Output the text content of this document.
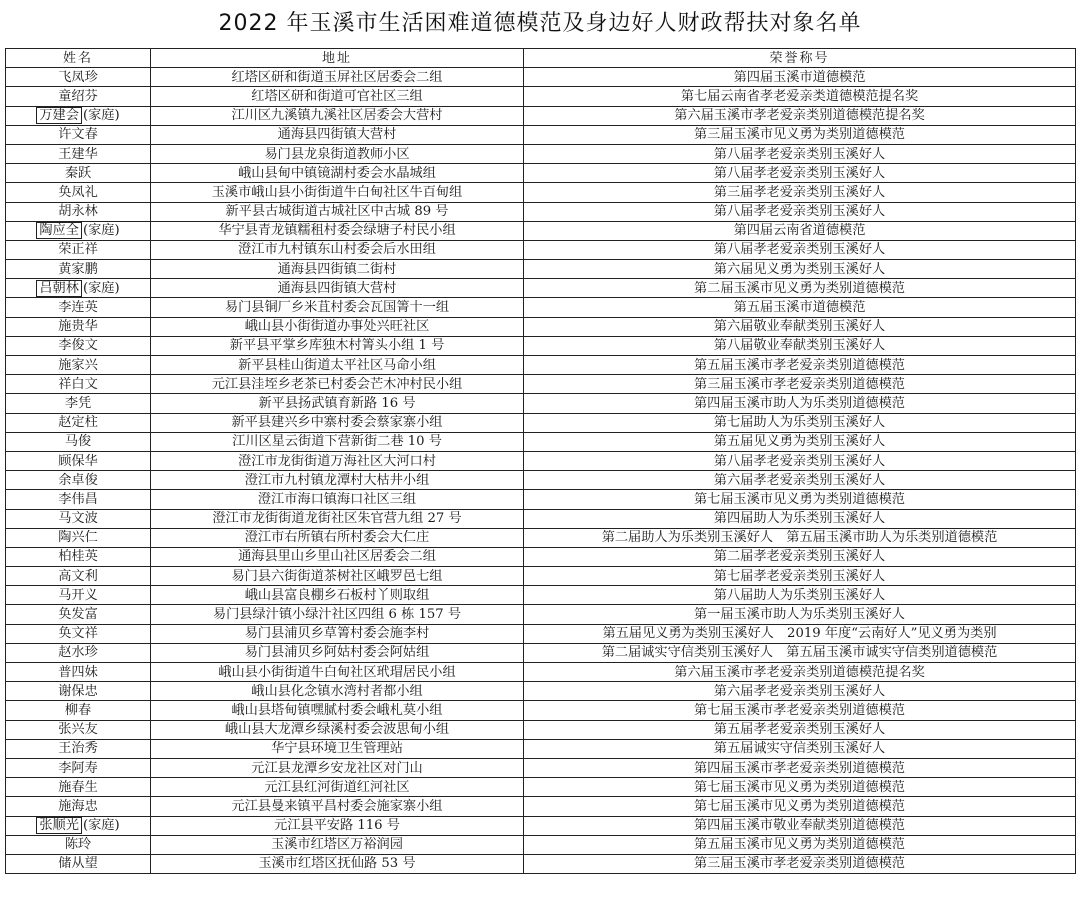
2022 年玉溪市生活困难道德模范及身边好人财政帮扶对象名单
姓名	地址	荣誉称号
飞凤珍	红塔区研和街道玉屏社区居委会二组	第四届玉溪市道德模范
童绍芬	红塔区研和街道可官社区三组	第七届云南省孝老爱亲类道德模范提名奖
万建会 (家庭)	江川区九溪镇九溪社区居委会大营村	第六届玉溪市孝老爱亲类别道德模范提名奖
许文春	通海县四街镇大营村	第三届玉溪市见义勇为类别道德模范
王建华	易门县龙泉街道教师小区	第八届孝老爱亲类别玉溪好人
秦跃	峨山县甸中镇镜湖村委会水晶城组	第八届孝老爱亲类别玉溪好人
奂凤礼	玉溪市峨山县小街街道牛白甸社区牛百甸组	第三届孝老爱亲类别玉溪好人
胡永林	新平县古城街道古城社区中古城 89 号	第八届孝老爱亲类别玉溪好人
陶应全 (家庭)	华宁县青龙镇糯租村委会绿塘子村民小组	第四届云南省道德模范
荣正祥	澄江市九村镇东山村委会后水田组	第八届孝老爱亲类别玉溪好人
黄家鹏	通海县四街镇二街村	第六届见义勇为类别玉溪好人
吕朝林 (家庭)	通海县四街镇大营村	第二届玉溪市见义勇为类别道德模范
李连英	易门县铜厂乡米苴村委会瓦国箐十一组	第五届玉溪市道德模范
施贵华	峨山县小街街道办事处兴旺社区	第六届敬业奉献类别玉溪好人
李俊文	新平县平掌乡库独木村箐头小组 1 号	第八届敬业奉献类别玉溪好人
施家兴	新平县桂山街道太平社区马命小组	第五届玉溪市孝老爱亲类别道德模范
祥白文	元江县洼垤乡老茶已村委会芒木冲村民小组	第三届玉溪市孝老爱亲类别道德模范
李凭	新平县扬武镇育新路 16 号	第四届玉溪市助人为乐类别道德模范
赵定柱	新平县建兴乡中寨村委会蔡家寨小组	第七届助人为乐类别玉溪好人
马俊	江川区星云街道下营新街二巷 10 号	第五届见义勇为类别玉溪好人
顾保华	澄江市龙街街道万海社区大河口村	第八届孝老爱亲类别玉溪好人
余卓俊	澄江市九村镇龙潭村大枯井小组	第六届孝老爱亲类别玉溪好人
李伟昌	澄江市海口镇海口社区三组	第七届玉溪市见义勇为类别道德模范
马文波	澄江市龙街街道龙街社区朱官营九组 27 号	第四届助人为乐类别玉溪好人
陶兴仁	澄江市右所镇右所村委会大仁庄	第二届助人为乐类别玉溪好人　第五届玉溪市助人为乐类别道德模范
柏桂英	通海县里山乡里山社区居委会二组	第二届孝老爱亲类别玉溪好人
高文利	易门县六街街道茶树社区峨罗邑七组	第七届孝老爱亲类别玉溪好人
马开义	峨山县富良棚乡石板村丫则取组	第八届助人为乐类别玉溪好人
奂发富	易门县绿汁镇小绿汁社区四组 6 栋 157 号	第一届玉溪市助人为乐类别玉溪好人
奂文祥	易门县浦贝乡草箐村委会施李村	第五届见义勇为类别玉溪好人　2019 年度“云南好人”见义勇为类别
赵水珍	易门县浦贝乡阿姑村委会阿姑组	第二届诚实守信类别玉溪好人　第五届玉溪市诚实守信类别道德模范
普四妹	峨山县小街街道牛白甸社区玳瑁居民小组	第六届玉溪市孝老爱亲类别道德模范提名奖
谢保忠	峨山县化念镇水湾村者都小组	第六届孝老爱亲类别玉溪好人
柳春	峨山县塔甸镇嘿腻村委会峨札莫小组	第七届玉溪市孝老爱亲类别道德模范
张兴友	峨山县大龙潭乡绿溪村委会波思甸小组	第五届孝老爱亲类别玉溪好人
王治秀	华宁县环境卫生管理站	第五届诚实守信类别玉溪好人
李阿寿	元江县龙潭乡安龙社区对门山	第四届玉溪市孝老爱亲类别道德模范
施春生	元江县红河街道红河社区	第七届玉溪市见义勇为类别道德模范
施海忠	元江县曼来镇平昌村委会施家寨小组	第七届玉溪市见义勇为类别道德模范
张顺光 (家庭)	元江县平安路 116 号	第四届玉溪市敬业奉献类别道德模范
陈玲	玉溪市红塔区万裕润园	第五届玉溪市见义勇为类别道德模范
储从望	玉溪市红塔区抚仙路 53 号	第三届玉溪市孝老爱亲类别道德模范
